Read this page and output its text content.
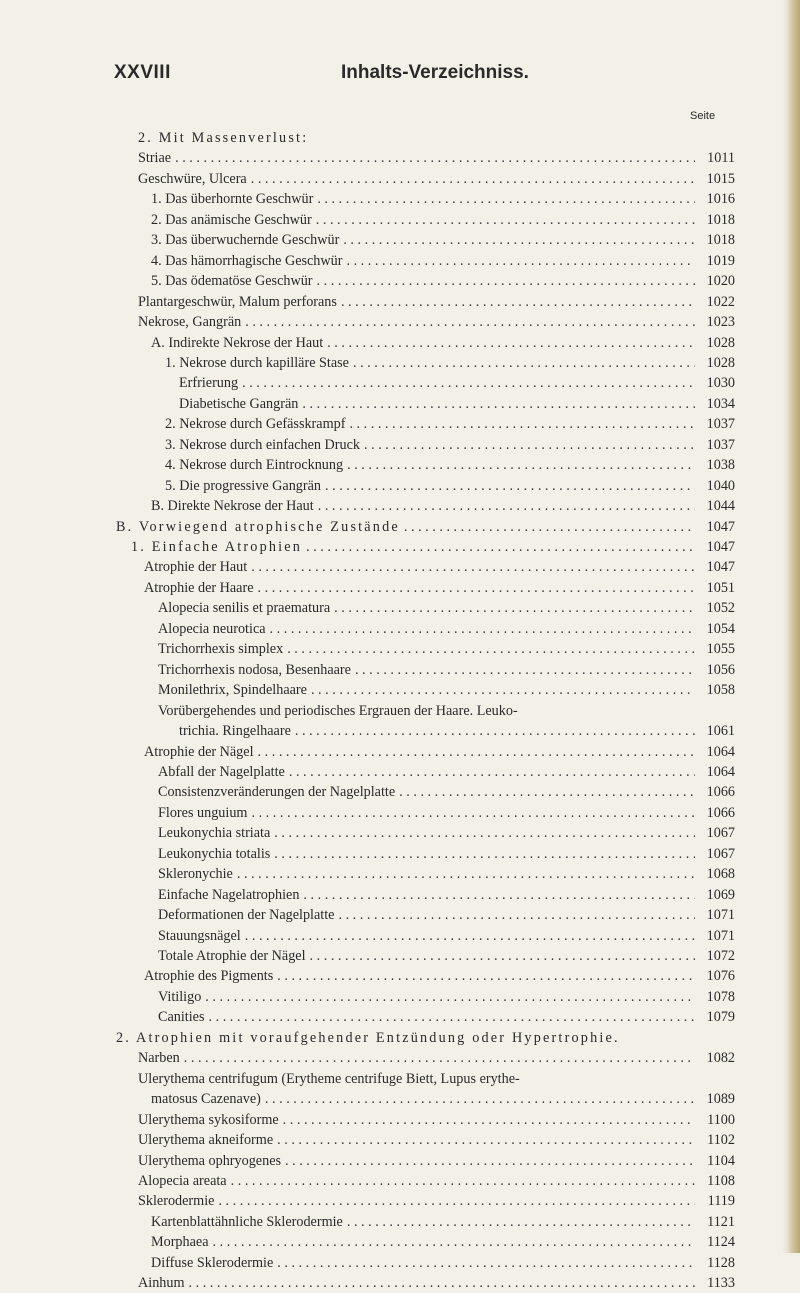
XXVIII	Inhalts-Verzeichniss.
Seite
2. Mit Massenverlust:
Striae . . .	1011
Geschwüre, Ulcera . . .	1015
1. Das überhornte Geschwür . . .	1016
2. Das anämische Geschwür . . .	1018
3. Das überwuchernde Geschwür . . .	1018
4. Das hämorrhagische Geschwür . . .	1019
5. Das ödematöse Geschwür . . .	1020
Plantargeschwür, Malum perforans . . .	1022
Nekrose, Gangrän . . .	1023
A. Indirekte Nekrose der Haut . . .	1028
1. Nekrose durch kapilläre Stase . . .	1028
Erfrierung . . .	1030
Diabetische Gangrän . . .	1034
2. Nekrose durch Gefässkrampf . . .	1037
3. Nekrose durch einfachen Druck . . .	1037
4. Nekrose durch Eintrocknung . . .	1038
5. Die progressive Gangrän . . .	1040
B. Direkte Nekrose der Haut . . .	1044
B. Vorwiegend atrophische Zustände . . .	1047
1. Einfache Atrophien . . .	1047
Atrophie der Haut . . .	1047
Atrophie der Haare . . .	1051
Alopecia senilis et praematura . . .	1052
Alopecia neurotica . . .	1054
Trichorrhexis simplex . . .	1055
Trichorrhexis nodosa, Besenhaare . . .	1056
Monilethrix, Spindelhaare . . .	1058
Vorübergehendes und periodisches Ergrauen der Haare. Leuko-
trichia. Ringelhaare . . .	1061
Atrophie der Nägel . . .	1064
Abfall der Nagelplatte . . .	1064
Consistenzveränderungen der Nagelplatte . . .	1066
Flores unguium . . .	1066
Leukonychia striata . . .	1067
Leukonychia totalis . . .	1067
Skleronychie . . .	1068
Einfache Nagelatrophien . . .	1069
Deformationen der Nagelplatte . . .	1071
Stauungsnägel . . .	1071
Totale Atrophie der Nägel . . .	1072
Atrophie des Pigments . . .	1076
Vitiligo . . .	1078
Canities . . .	1079
2. Atrophien mit voraufgehender Entzündung oder Hypertrophie.
Narben . . .	1082
Ulerythema centrifugum (Erytheme centrifuge Biett, Lupus erythe-
matosus Cazenave) . . .	1089
Ulerythema sykosiforme . . .	1100
Ulerythema akneiforme . . .	1102
Ulerythema ophryogenes . . .	1104
Alopecia areata . . .	1108
Sklerodermie . . .	1119
Kartenblattähnliche Sklerodermie . . .	1121
Morphaea . . .	1124
Diffuse Sklerodermie . . .	1128
Ainhum . . .	1133
